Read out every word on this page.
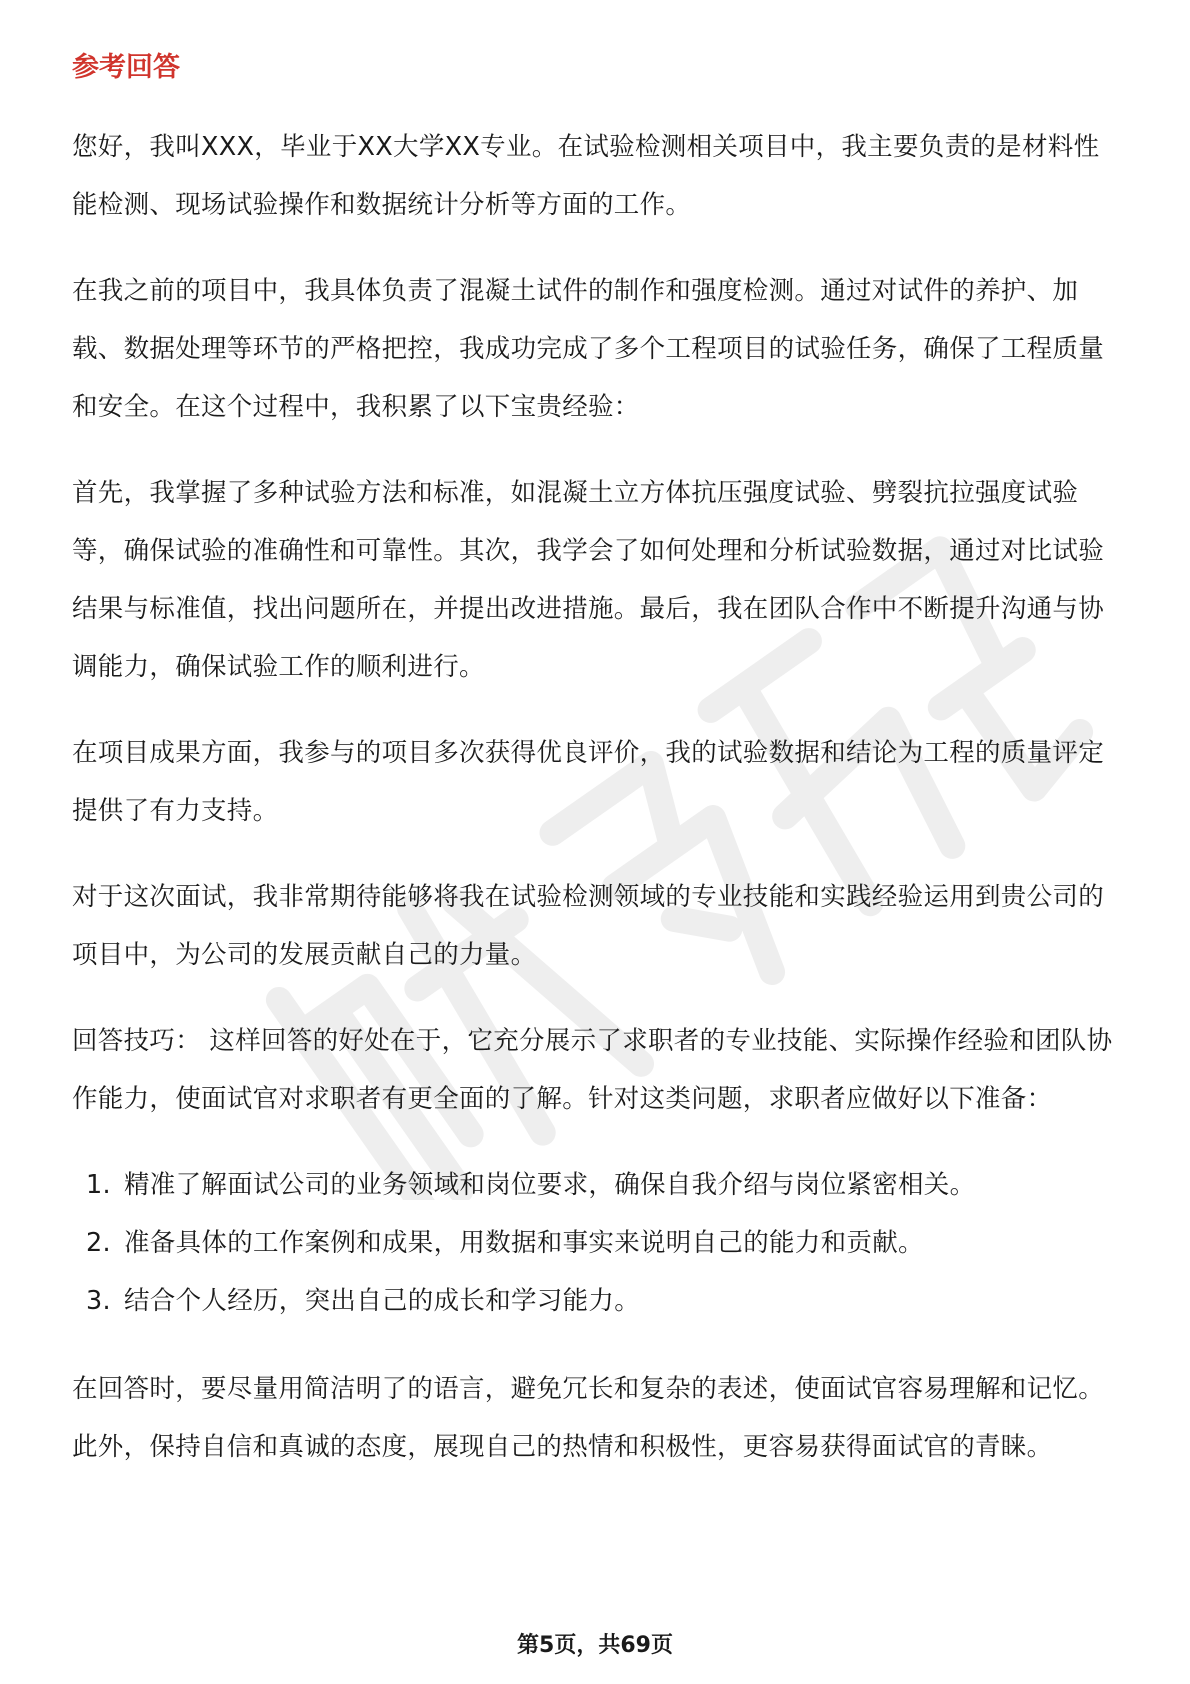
参考回答

您好，我叫XXX，毕业于XX大学XX专业。在试验检测相关项目中，我主要负责的是材料性能检测、现场试验操作和数据统计分析等方面的工作。

在我之前的项目中，我具体负责了混凝土试件的制作和强度检测。通过对试件的养护、加载、数据处理等环节的严格把控，我成功完成了多个工程项目的试验任务，确保了工程质量和安全。在这个过程中，我积累了以下宝贵经验：

首先，我掌握了多种试验方法和标准，如混凝土立方体抗压强度试验、劈裂抗拉强度试验等，确保试验的准确性和可靠性。其次，我学会了如何处理和分析试验数据，通过对比试验结果与标准值，找出问题所在，并提出改进措施。最后，我在团队合作中不断提升沟通与协调能力，确保试验工作的顺利进行。

在项目成果方面，我参与的项目多次获得优良评价，我的试验数据和结论为工程的质量评定提供了有力支持。

对于这次面试，我非常期待能够将我在试验检测领域的专业技能和实践经验运用到贵公司的项目中，为公司的发展贡献自己的力量。

回答技巧： 这样回答的好处在于，它充分展示了求职者的专业技能、实际操作经验和团队协作能力，使面试官对求职者有更全面的了解。针对这类问题，求职者应做好以下准备：

1. 精准了解面试公司的业务领域和岗位要求，确保自我介绍与岗位紧密相关。
2. 准备具体的工作案例和成果，用数据和事实来说明自己的能力和贡献。
3. 结合个人经历，突出自己的成长和学习能力。

在回答时，要尽量用简洁明了的语言，避免冗长和复杂的表述，使面试官容易理解和记忆。此外，保持自信和真诚的态度，展现自己的热情和积极性，更容易获得面试官的青睐。

第5页，共69页
